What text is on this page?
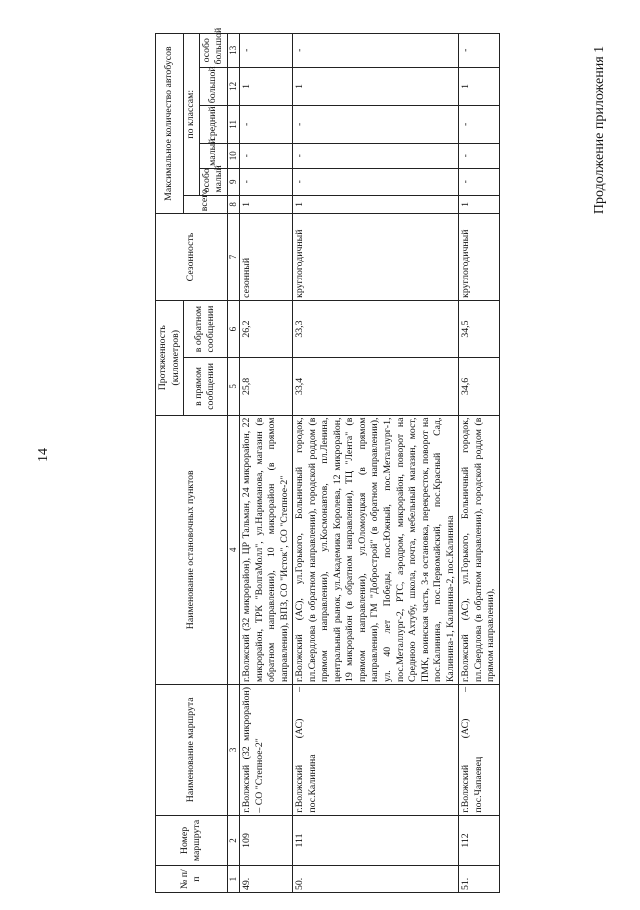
14
Продолжение приложения 1
№ п/п	Номер маршрута	Наименование маршрута	Наименование остановочных пунктов	Протяженность (километров)		Сезонность	Максимальное количество автобусов					
				в прямом сообщении	в обратном сообщении		всего	по классам:				
								особо малый	малый	средний	большой	особо большой
1	2	3	4	5	6	7	8	9	10	11	12	13
49.	109	г.Волжский (32 микрорайон) – СО "Степное-2"	г.Волжский (32 микрорайон), ЦР Тальман, 24 микрорайон, 22 микрорайон, ТРК "ВолгаМолл", ул.Нариманова, магазин (в обратном направлении), 10 микрорайон (в прямом направлении), ВПЗ, СО "Исток", СО "Степное-2"	25,8	26,2	сезонный	1	-	-	-	1	-
50.	111	г.Волжский (АС) – пос.Калинина	г.Волжский (АС), ул.Горького, Больничный городок, пл.Свердлова (в обратном направлении), городской роддом (в прямом направлении), ул.Космонавтов, пл.Ленина, центральный рынок, ул.Академика Королева, 12 микрорайон, 19 микрорайон (в обратном направлении), ТЦ "Лента" (в прямом направлении), ул.Оломоуцкая (в прямом направлении), ГМ "Добрострой" (в обратном направлении), ул. 40 лет Победы, пос.Южный, пос.Металлург-1, пос.Металлург-2, РТС, аэродром, микрорайон, поворот на Среднюю Ахтубу, школа, почта, мебельный магазин, мост, ПМК, воинская часть, 3-я остановка, перекресток, поворот на пос.Калинина, пос.Первомайский, пос.Красный Сад, Калинина-1, Калинина-2, пос.Калинина	33,4	33,3	круглогодичный	1	-	-	-	1	-
51.	112	г.Волжский (АС) – пос.Чапаевец	г.Волжский (АС), ул.Горького, Больничный городок, пл.Свердлова (в обратном направлении), городской роддом (в прямом направлении),	34,6	34,5	круглогодичный	1	-	-	-	1	-
